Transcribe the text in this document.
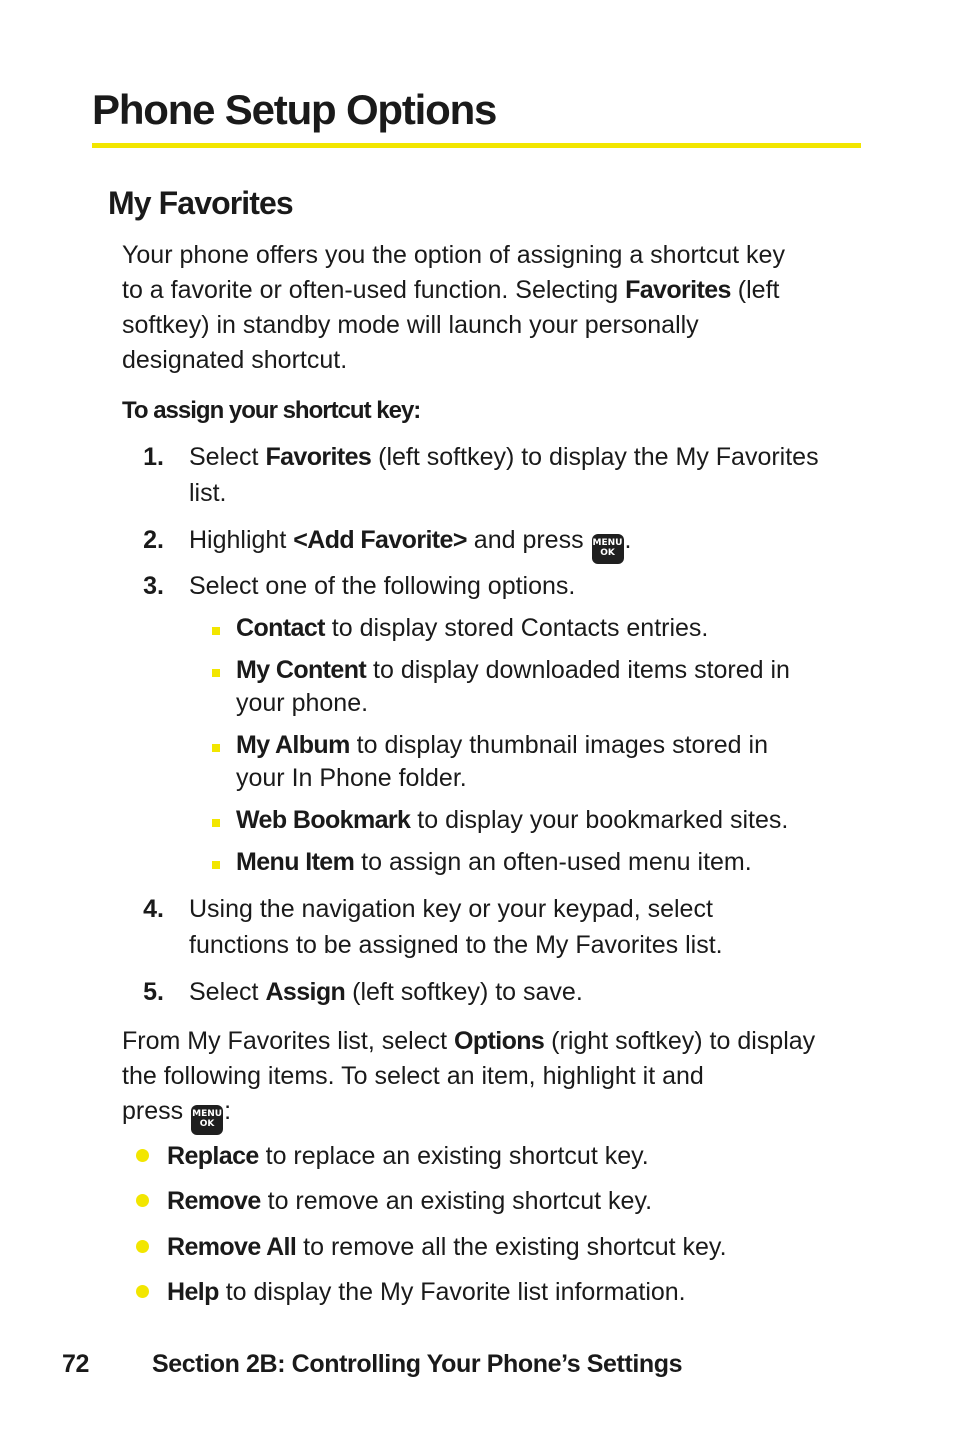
Phone Setup Options
My Favorites
Your phone offers you the option of assigning a shortcut key
to a favorite or often-used function. Selecting Favorites (left
softkey) in standby mode will launch your personally
designated shortcut.
To assign your shortcut key:
1. Select Favorites (left softkey) to display the My Favorites
list.
2. Highlight <Add Favorite> and press MENU
OK .
3. Select one of the following options.
Contact to display stored Contacts entries.
My Content to display downloaded items stored in
your phone.
My Album to display thumbnail images stored in
your In Phone folder.
Web Bookmark to display your bookmarked sites.
Menu Item to assign an often-used menu item.
4. Using the navigation key or your keypad, select
functions to be assigned to the My Favorites list.
5. Select Assign (left softkey) to save.
From My Favorites list, select Options (right softkey) to display
the following items. To select an item, highlight it and
press MENU
OK :
Replace to replace an existing shortcut key.
Remove to remove an existing shortcut key.
Remove All to remove all the existing shortcut key.
Help to display the My Favorite list information.
72	Section 2B: Controlling Your Phone’s Settings
